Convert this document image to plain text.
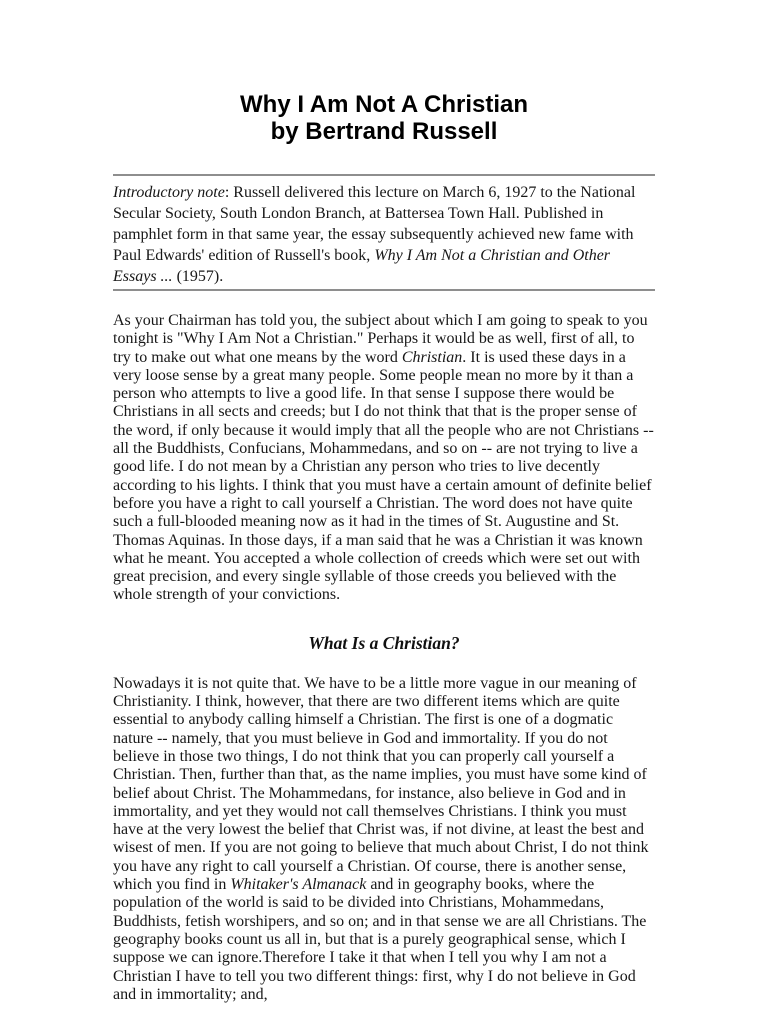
Why I Am Not A Christian
by Bertrand Russell

Introductory note: Russell delivered this lecture on March 6, 1927 to the National Secular Society, South London Branch, at Battersea Town Hall. Published in pamphlet form in that same year, the essay subsequently achieved new fame with Paul Edwards' edition of Russell's book, Why I Am Not a Christian and Other Essays ... (1957).

As your Chairman has told you, the subject about which I am going to speak to you tonight is "Why I Am Not a Christian." Perhaps it would be as well, first of all, to try to make out what one means by the word Christian. It is used these days in a very loose sense by a great many people. Some people mean no more by it than a person who attempts to live a good life. In that sense I suppose there would be Christians in all sects and creeds; but I do not think that that is the proper sense of the word, if only because it would imply that all the people who are not Christians -- all the Buddhists, Confucians, Mohammedans, and so on -- are not trying to live a good life. I do not mean by a Christian any person who tries to live decently according to his lights. I think that you must have a certain amount of definite belief before you have a right to call yourself a Christian. The word does not have quite such a full-blooded meaning now as it had in the times of St. Augustine and St. Thomas Aquinas. In those days, if a man said that he was a Christian it was known what he meant. You accepted a whole collection of creeds which were set out with great precision, and every single syllable of those creeds you believed with the whole strength of your convictions.

What Is a Christian?

Nowadays it is not quite that. We have to be a little more vague in our meaning of Christianity. I think, however, that there are two different items which are quite essential to anybody calling himself a Christian. The first is one of a dogmatic nature -- namely, that you must believe in God and immortality. If you do not believe in those two things, I do not think that you can properly call yourself a Christian. Then, further than that, as the name implies, you must have some kind of belief about Christ. The Mohammedans, for instance, also believe in God and in immortality, and yet they would not call themselves Christians. I think you must have at the very lowest the belief that Christ was, if not divine, at least the best and wisest of men. If you are not going to believe that much about Christ, I do not think you have any right to call yourself a Christian. Of course, there is another sense, which you find in Whitaker's Almanack and in geography books, where the population of the world is said to be divided into Christians, Mohammedans, Buddhists, fetish worshipers, and so on; and in that sense we are all Christians. The geography books count us all in, but that is a purely geographical sense, which I suppose we can ignore.Therefore I take it that when I tell you why I am not a Christian I have to tell you two different things: first, why I do not believe in God and in immortality; and,
